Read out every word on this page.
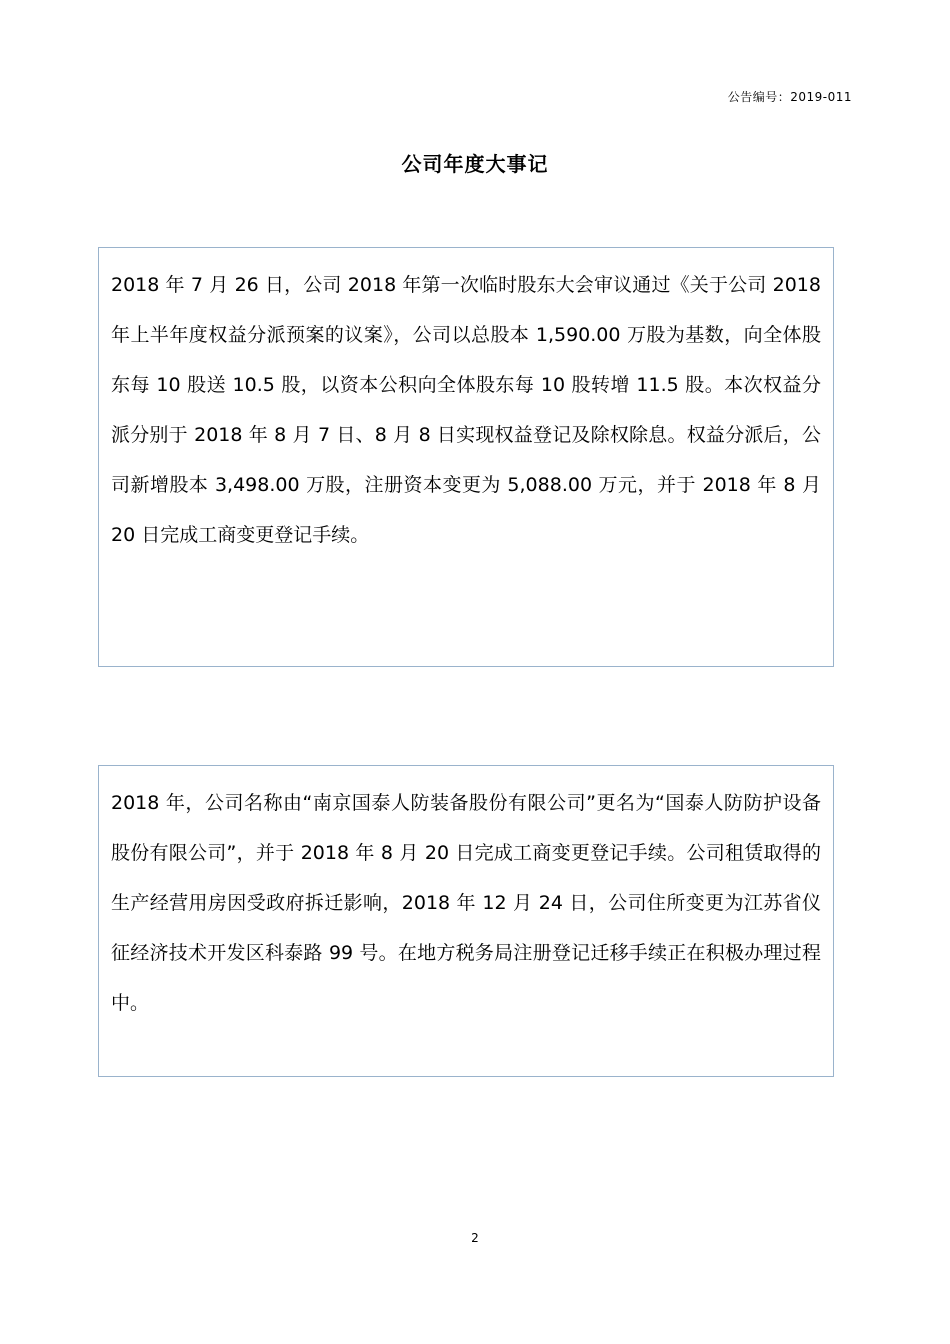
公告编号：2019-011
公司年度大事记

2018 年 7 月 26 日，公司 2018 年第一次临时股东大会审议通过《关于公司 2018 年上半年度权益分派预案的议案》，公司以总股本 1,590.00 万股为基数，向全体股东每 10 股送 10.5 股，以资本公积向全体股东每 10 股转增 11.5 股。本次权益分派分别于 2018 年 8 月 7 日、8 月 8 日实现权益登记及除权除息。权益分派后，公司新增股本 3,498.00 万股，注册资本变更为 5,088.00 万元，并于 2018 年 8 月 20 日完成工商变更登记手续。

2018 年，公司名称由“南京国泰人防装备股份有限公司”更名为“国泰人防防护设备股份有限公司”，并于 2018 年 8 月 20 日完成工商变更登记手续。公司租赁取得的生产经营用房因受政府拆迁影响，2018 年 12 月 24 日，公司住所变更为江苏省仪征经济技术开发区科泰路 99 号。在地方税务局注册登记迁移手续正在积极办理过程中。

2
